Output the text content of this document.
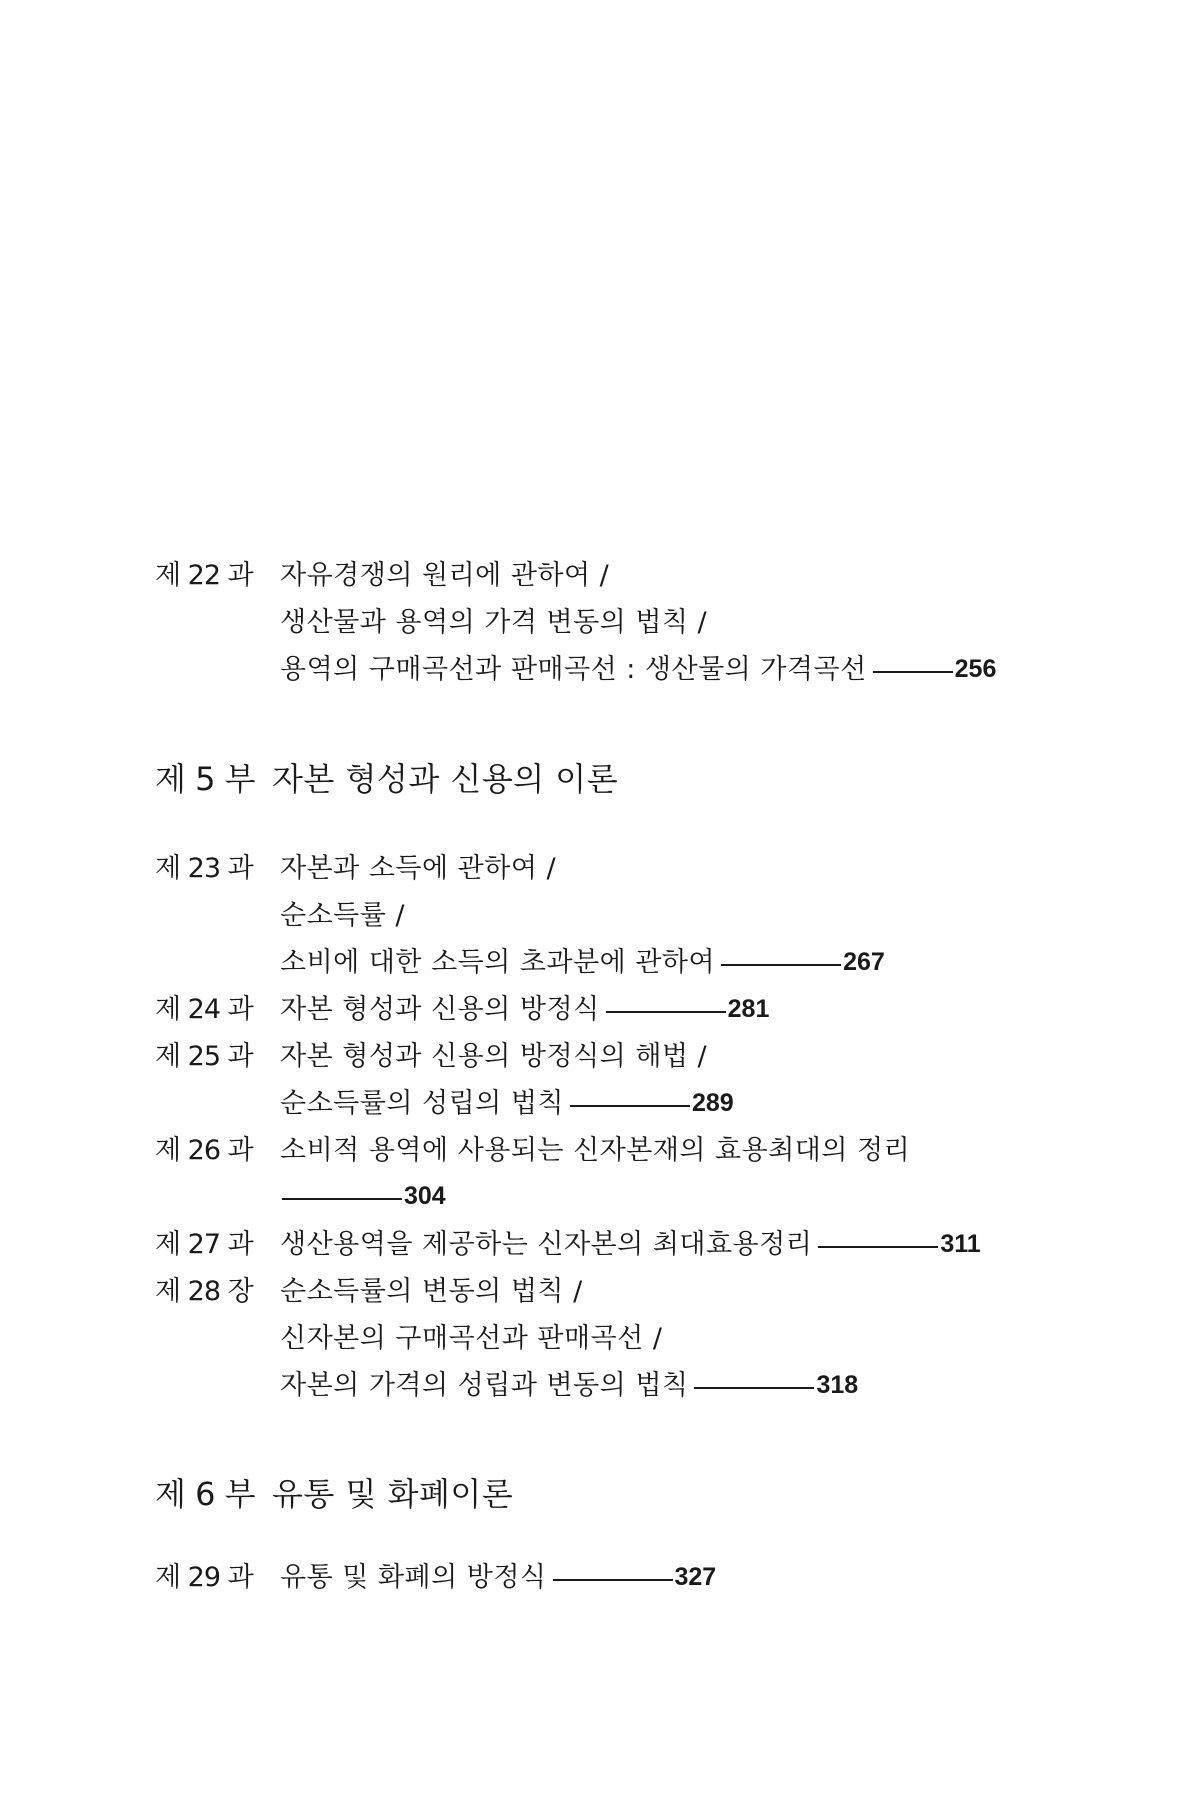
제 22 과 자유경쟁의 원리에 관하여 /
생산물과 용역의 가격 변동의 법칙 /
용역의 구매곡선과 판매곡선 : 생산물의 가격곡선	256
제 5 부 자본 형성과 신용의 이론
제 23 과 자본과 소득에 관하여 /
순소득률 /
소비에 대한 소득의 초과분에 관하여	267
제 24 과 자본 형성과 신용의 방정식	281
제 25 과 자본 형성과 신용의 방정식의 해법 /
순소득률의 성립의 법칙	289
제 26 과 소비적 용역에 사용되는 신자본재의 효용최대의 정리
304
제 27 과 생산용역을 제공하는 신자본의 최대효용정리	311
제 28 장 순소득률의 변동의 법칙 /
신자본의 구매곡선과 판매곡선 /
자본의 가격의 성립과 변동의 법칙	318
제 6 부 유통 및 화폐이론
제 29 과 유통 및 화폐의 방정식	327
